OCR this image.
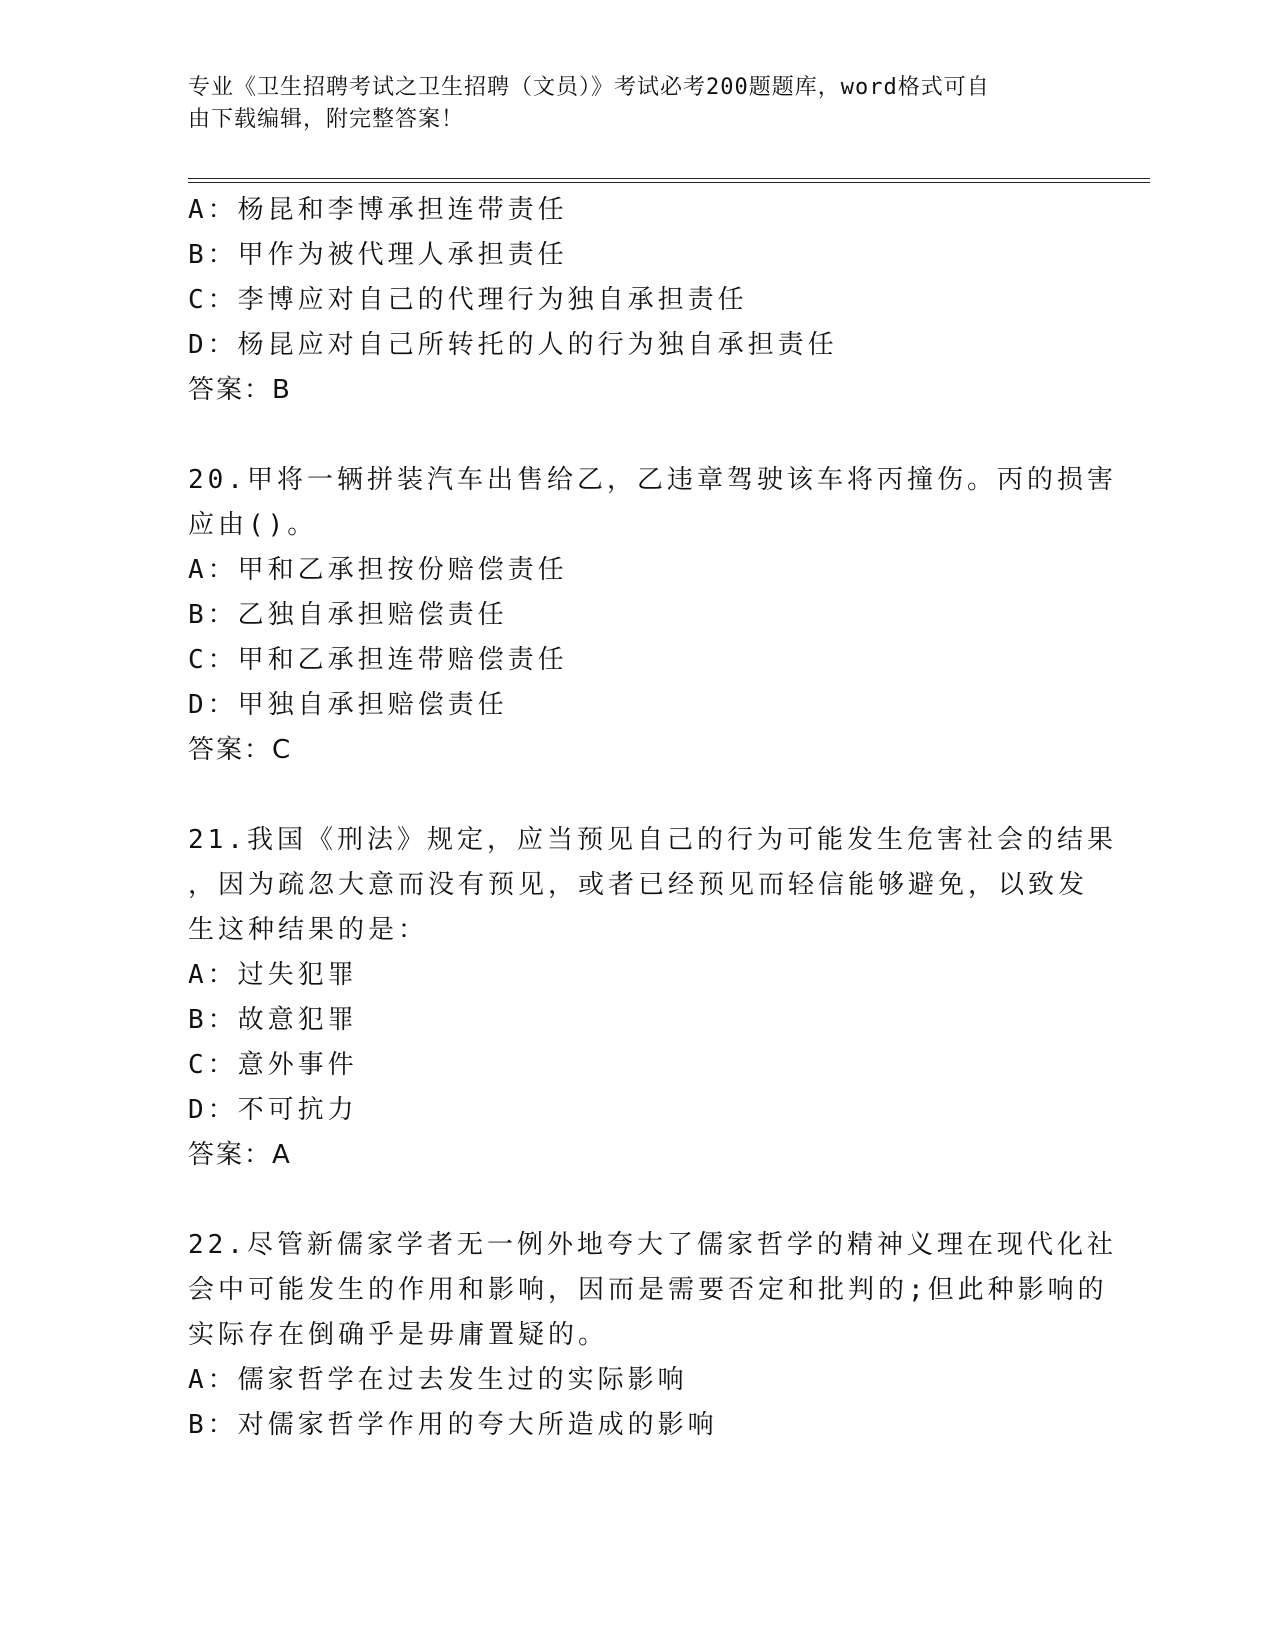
专业《卫生招聘考试之卫生招聘（文员）》考试必考200题题库，word格式可自
由下载编辑，附完整答案！
A：杨昆和李博承担连带责任
B：甲作为被代理人承担责任
C：李博应对自己的代理行为独自承担责任
D：杨昆应对自己所转托的人的行为独自承担责任
答案：B
20.甲将一辆拼装汽车出售给乙，乙违章驾驶该车将丙撞伤。丙的损害
应由()。
A：甲和乙承担按份赔偿责任
B：乙独自承担赔偿责任
C：甲和乙承担连带赔偿责任
D：甲独自承担赔偿责任
答案：C
21.我国《刑法》规定，应当预见自己的行为可能发生危害社会的结果
，因为疏忽大意而没有预见，或者已经预见而轻信能够避免，以致发
生这种结果的是：
A：过失犯罪
B：故意犯罪
C：意外事件
D：不可抗力
答案：A
22.尽管新儒家学者无一例外地夸大了儒家哲学的精神义理在现代化社
会中可能发生的作用和影响，因而是需要否定和批判的;但此种影响的
实际存在倒确乎是毋庸置疑的。
A：儒家哲学在过去发生过的实际影响
B：对儒家哲学作用的夸大所造成的影响
